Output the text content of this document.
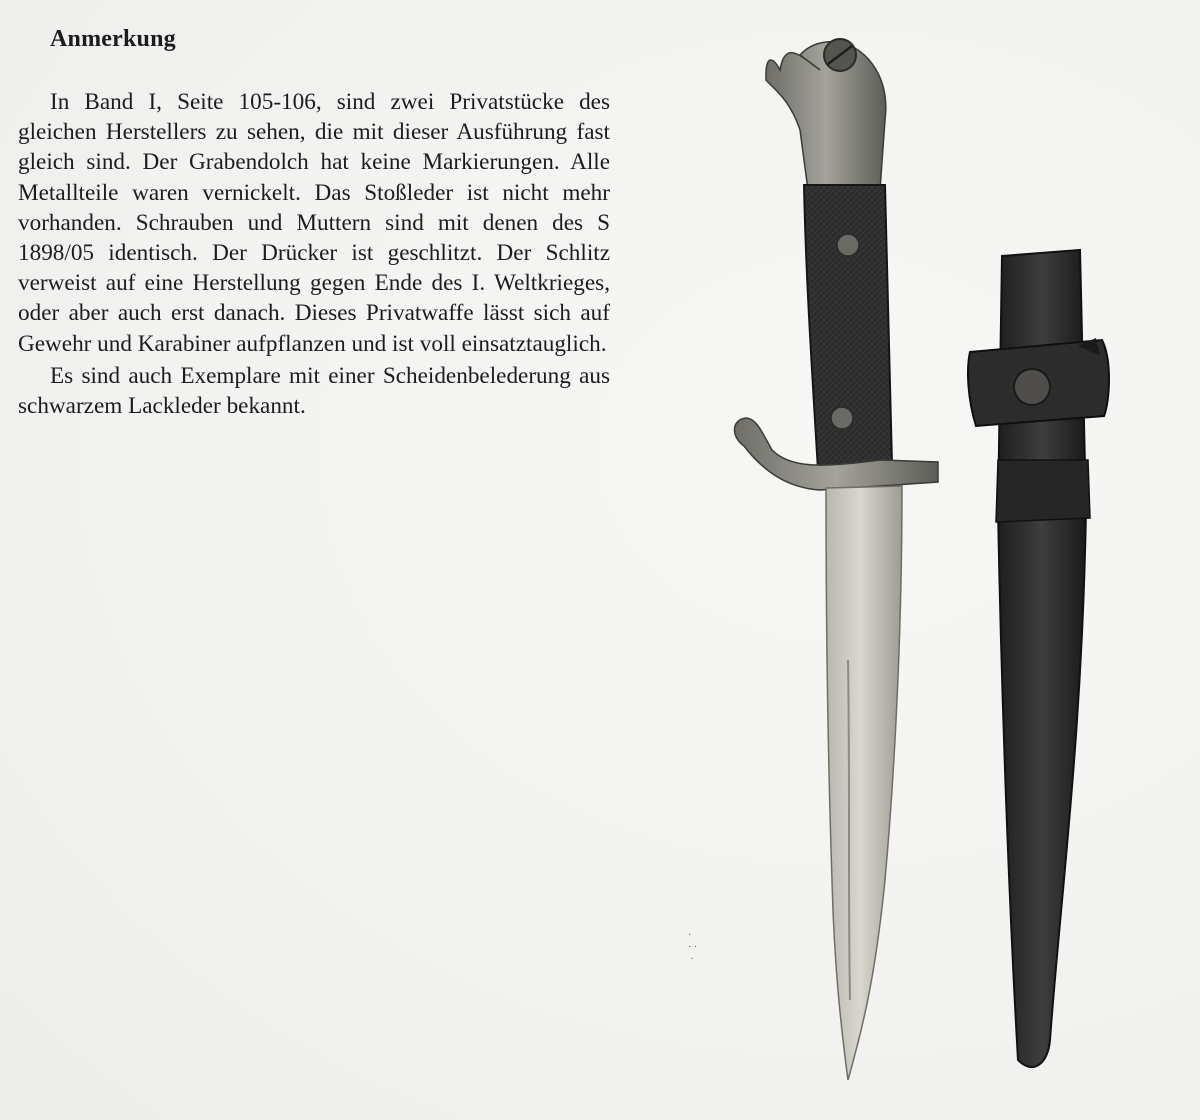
Anmerkung

In Band I, Seite 105-106, sind zwei Privatstücke des gleichen Herstellers zu sehen, die mit dieser Ausführung fast gleich sind. Der Grabendolch hat keine Markierungen. Alle Metallteile waren vernickelt. Das Stoßleder ist nicht mehr vorhanden. Schrauben und Muttern sind mit denen des S 1898/05 identisch. Der Drücker ist geschlitzt. Der Schlitz verweist auf eine Herstellung gegen Ende des I. Weltkrieges, oder aber auch erst danach. Dieses Privatwaffe lässt sich auf Gewehr und Karabiner aufpflanzen und ist voll einsatztauglich.

Es sind auch Exemplare mit einer Scheidenbelederung aus schwarzem Lackleder bekannt.

·
· ·
·
